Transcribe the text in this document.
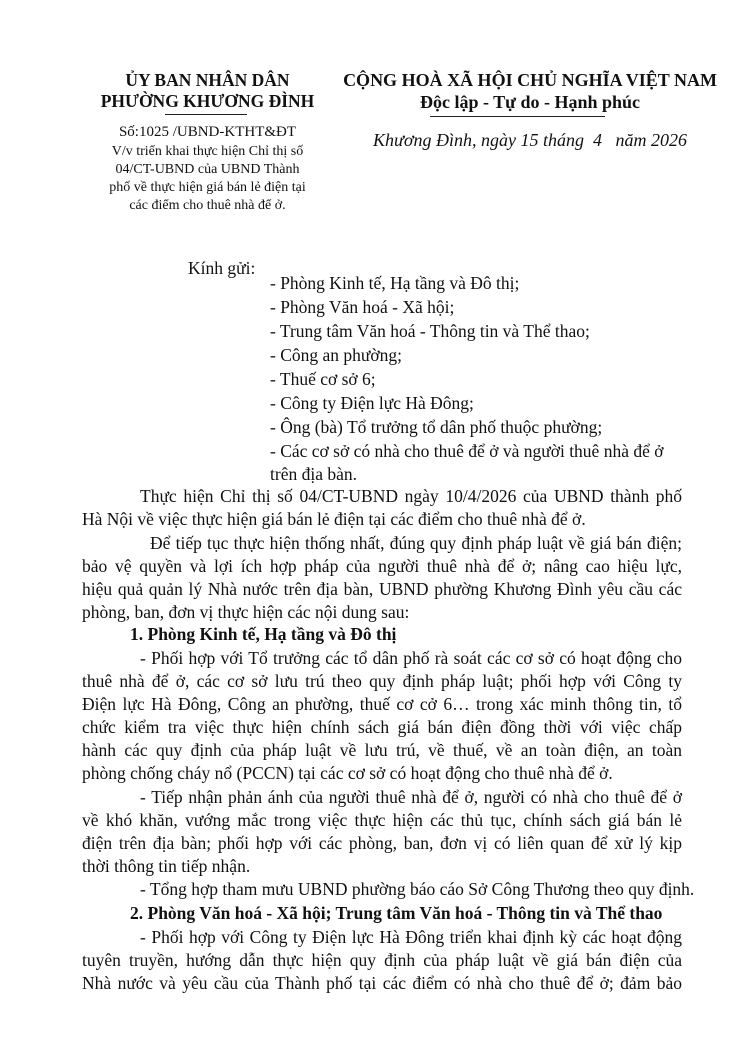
ỦY BAN NHÂN DÂN
PHƯỜNG KHƯƠNG ĐÌNH
Số:1025 /UBND-KTHT&ĐT
V/v triển khai thực hiện Chỉ thị số
04/CT-UBND của UBND Thành
phố về thực hiện giá bán lẻ điện tại
các điểm cho thuê nhà để ở.
CỘNG HOÀ XÃ HỘI CHỦ NGHĨA VIỆT NAM
Độc lập - Tự do - Hạnh phúc
Khương Đình, ngày 15 tháng  4   năm 2026
Kính gửi:
- Phòng Kinh tế, Hạ tầng và Đô thị;
- Phòng Văn hoá - Xã hội;
- Trung tâm Văn hoá - Thông tin và Thể thao;
- Công an phường;
- Thuế cơ sở 6;
- Công ty Điện lực Hà Đông;
- Ông (bà) Tổ trưởng tổ dân phố thuộc phường;
- Các cơ sở có nhà cho thuê để ở và người thuê nhà để ở
trên địa bàn.
Thực hiện Chỉ thị số 04/CT-UBND ngày 10/4/2026 của UBND thành phố
Hà Nội về việc thực hiện giá bán lẻ điện tại các điểm cho thuê nhà để ở.
Để tiếp tục thực hiện thống nhất, đúng quy định pháp luật về giá bán điện;
bảo vệ quyền và lợi ích hợp pháp của người thuê nhà để ở; nâng cao hiệu lực,
hiệu quả quản lý Nhà nước trên địa bàn, UBND phường Khương Đình yêu cầu các
phòng, ban, đơn vị thực hiện các nội dung sau:
1. Phòng Kinh tế, Hạ tầng và Đô thị
- Phối hợp với Tổ trưởng các tổ dân phố rà soát các cơ sở có hoạt động cho
thuê nhà để ở, các cơ sở lưu trú theo quy định pháp luật; phối hợp với Công ty
Điện lực Hà Đông, Công an phường, thuế cơ cở 6… trong xác minh thông tin, tổ
chức kiểm tra việc thực hiện chính sách giá bán điện đồng thời với việc chấp
hành các quy định của pháp luật về lưu trú, về thuế, về an toàn điện, an toàn
phòng chống cháy nổ (PCCN) tại các cơ sở có hoạt động cho thuê nhà để ở.
- Tiếp nhận phản ánh của người thuê nhà để ở, người có nhà cho thuê để ở
về khó khăn, vướng mắc trong việc thực hiện các thủ tục, chính sách giá bán lẻ
điện trên địa bàn; phối hợp với các phòng, ban, đơn vị có liên quan để xử lý kịp
thời thông tin tiếp nhận.
- Tổng hợp tham mưu UBND phường báo cáo Sở Công Thương theo quy định.
2. Phòng Văn hoá - Xã hội; Trung tâm Văn hoá - Thông tin và Thể thao
- Phối hợp với Công ty Điện lực Hà Đông triển khai định kỳ các hoạt động
tuyên truyền, hướng dẫn thực hiện quy định của pháp luật về giá bán điện của
Nhà nước và yêu cầu của Thành phố tại các điểm có nhà cho thuê để ở; đảm bảo
